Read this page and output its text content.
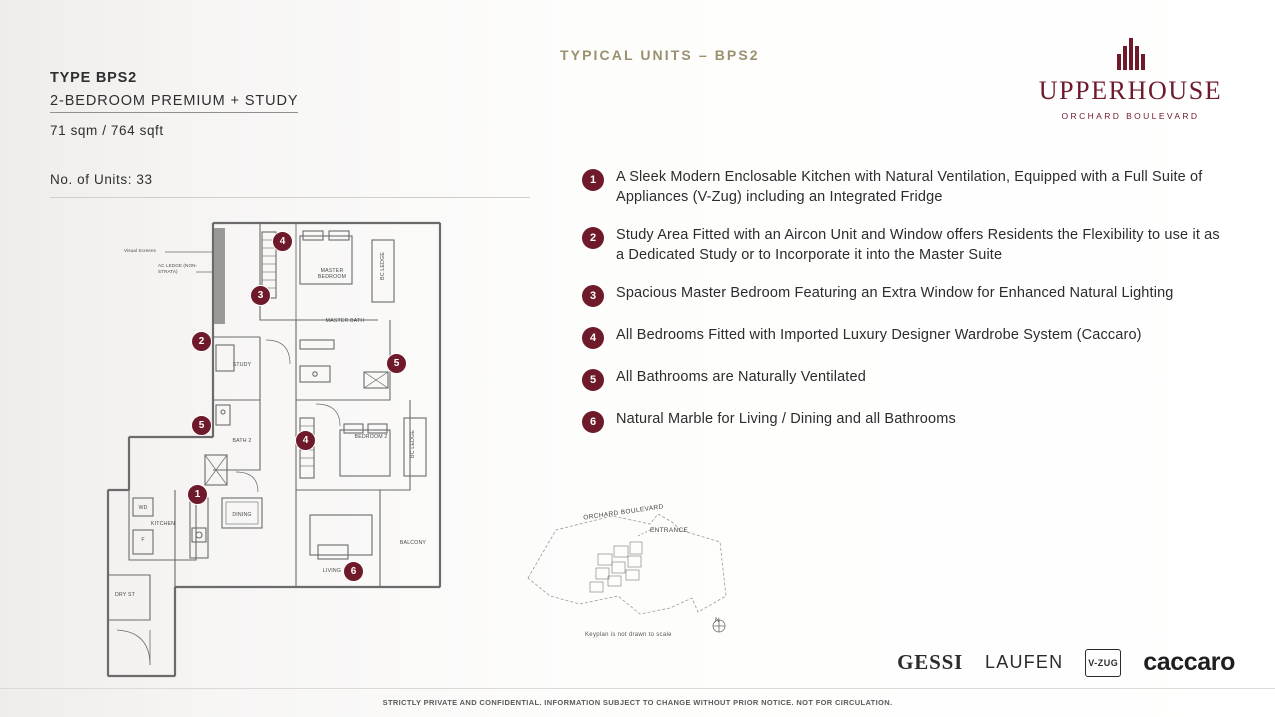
TYPE BPS2
2-BEDROOM PREMIUM + STUDY
71 sqm / 764 sqft
No. of Units: 33
TYPICAL UNITS – BPS2
UPPERHOUSE
ORCHARD BOULEVARD
1	A Sleek Modern Enclosable Kitchen with Natural Ventilation, Equipped with a Full Suite of Appliances (V-Zug) including an Integrated Fridge
2	Study Area Fitted with an Aircon Unit and Window offers Residents the Flexibility to use it as a Dedicated Study or to Incorporate it into the Master Suite
3	Spacious Master Bedroom Featuring an Extra Window for Enhanced Natural Lighting
4	All Bedrooms Fitted with Imported Luxury Designer Wardrobe System (Caccaro)
5	All Bathrooms are Naturally Ventilated
6	Natural Marble for Living / Dining and all Bathrooms
MASTER BEDROOM	BC LEDGE
MASTER BATH
STUDY
BATH 2
BEDROOM 2	BC LEDGE
KITCHEN
WD
F
DINING
LIVING
BALCONY
DRY ST
Visual Screens
AC LEDGE (NON-STRATA)
4
3
2
5
5
4
1
6
ORCHARD BOULEVARD
ENTRANCE
N
Keyplan is not drawn to scale
GESSI LAUFEN	V-ZUG caccaro
STRICTLY PRIVATE AND CONFIDENTIAL. INFORMATION SUBJECT TO CHANGE WITHOUT PRIOR NOTICE. NOT FOR CIRCULATION.
